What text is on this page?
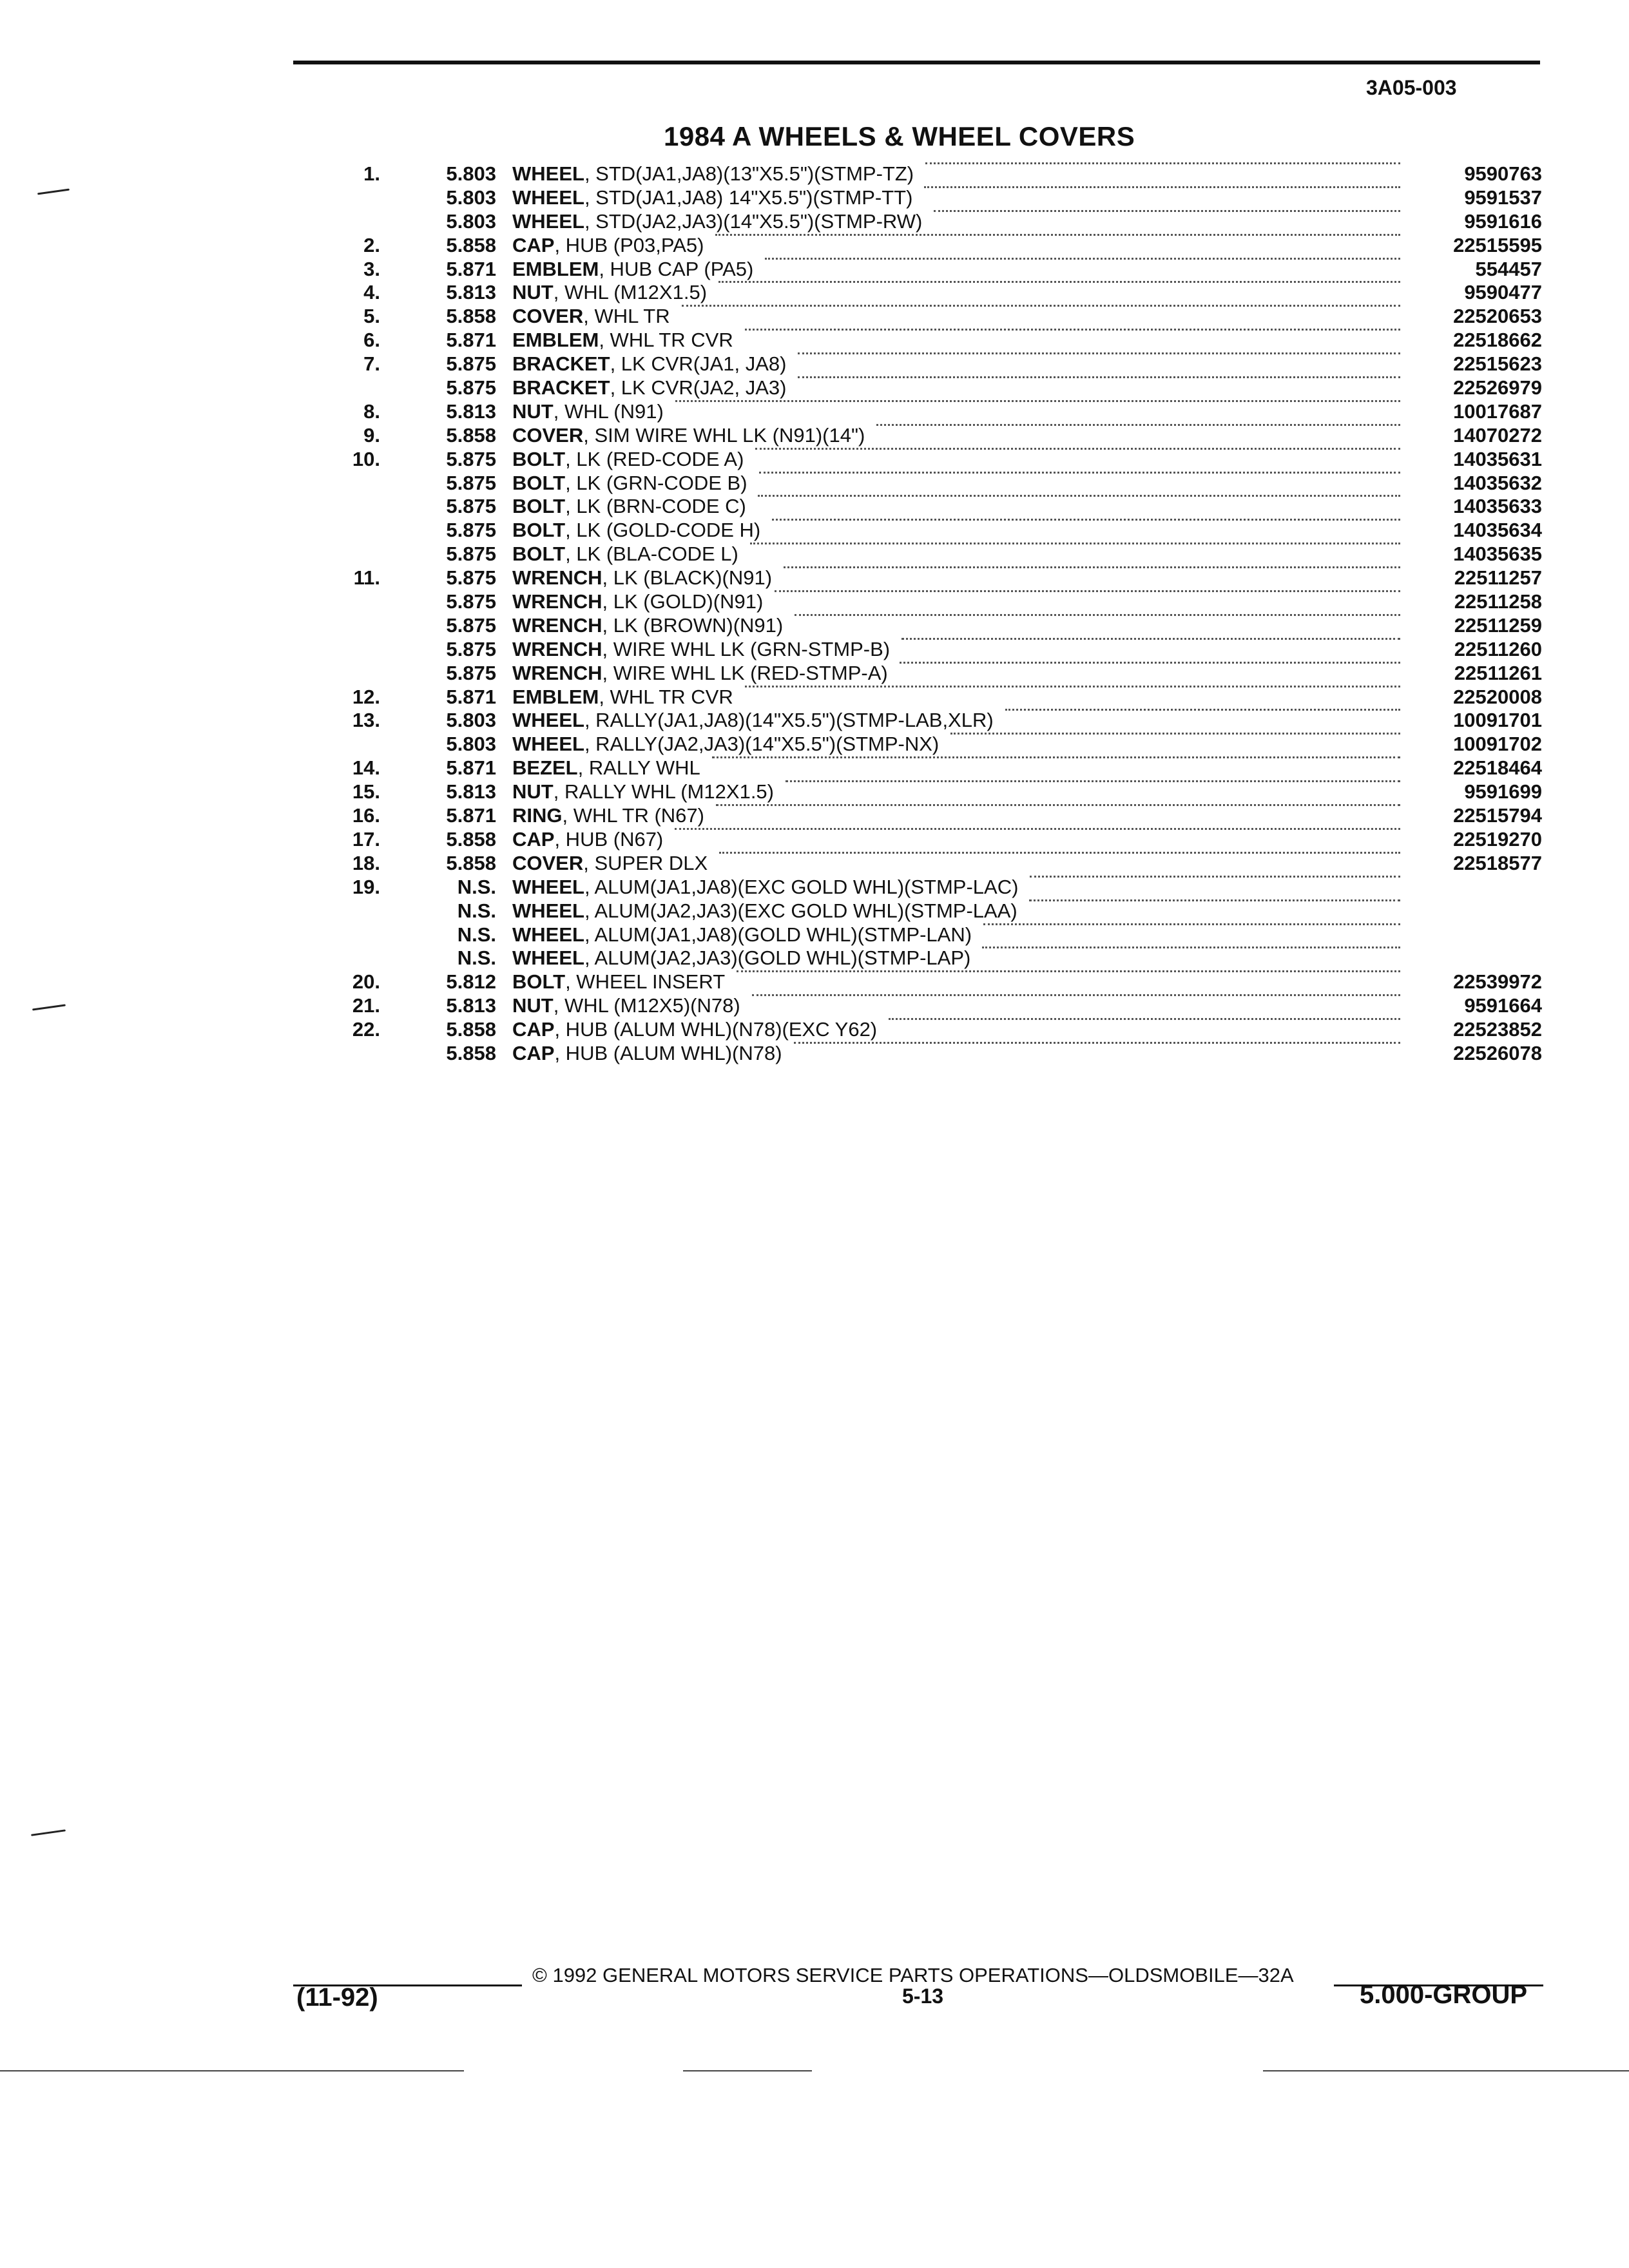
3A05-003
1984 A WHEELS & WHEEL COVERS
1.	5.803 WHEEL, STD(JA1,JA8)(13"X5.5")(STMP-TZ)	9590763
5.803 WHEEL, STD(JA1,JA8) 14"X5.5")(STMP-TT)	9591537
5.803 WHEEL, STD(JA2,JA3)(14"X5.5")(STMP-RW)	9591616
2.	5.858 CAP, HUB (P03,PA5)	22515595
3.	5.871 EMBLEM, HUB CAP (PA5)	554457
4.	5.813 NUT, WHL (M12X1.5)	9590477
5.	5.858 COVER, WHL TR	22520653
6.	5.871 EMBLEM, WHL TR CVR	22518662
7.	5.875 BRACKET, LK CVR(JA1, JA8)	22515623
5.875 BRACKET, LK CVR(JA2, JA3)	22526979
8.	5.813 NUT, WHL (N91)	10017687
9.	5.858 COVER, SIM WIRE WHL LK (N91)(14")	14070272
10.	5.875 BOLT, LK (RED-CODE A)	14035631
5.875 BOLT, LK (GRN-CODE B)	14035632
5.875 BOLT, LK (BRN-CODE C)	14035633
5.875 BOLT, LK (GOLD-CODE H)	14035634
5.875 BOLT, LK (BLA-CODE L)	14035635
11.	5.875 WRENCH, LK (BLACK)(N91)	22511257
5.875 WRENCH, LK (GOLD)(N91)	22511258
5.875 WRENCH, LK (BROWN)(N91)	22511259
5.875 WRENCH, WIRE WHL LK (GRN-STMP-B)	22511260
5.875 WRENCH, WIRE WHL LK (RED-STMP-A)	22511261
12.	5.871 EMBLEM, WHL TR CVR	22520008
13.	5.803 WHEEL, RALLY(JA1,JA8)(14"X5.5")(STMP-LAB,XLR)	10091701
5.803 WHEEL, RALLY(JA2,JA3)(14"X5.5")(STMP-NX)	10091702
14.	5.871 BEZEL, RALLY WHL	22518464
15.	5.813 NUT, RALLY WHL (M12X1.5)	9591699
16.	5.871 RING, WHL TR (N67)	22515794
17.	5.858 CAP, HUB (N67)	22519270
18.	5.858 COVER, SUPER DLX	22518577
19.	N.S. WHEEL, ALUM(JA1,JA8)(EXC GOLD WHL)(STMP-LAC)
N.S. WHEEL, ALUM(JA2,JA3)(EXC GOLD WHL)(STMP-LAA)
N.S. WHEEL, ALUM(JA1,JA8)(GOLD WHL)(STMP-LAN)
N.S. WHEEL, ALUM(JA2,JA3)(GOLD WHL)(STMP-LAP)
20.	5.812 BOLT, WHEEL INSERT	22539972
21.	5.813 NUT, WHL (M12X5)(N78)	9591664
22.	5.858 CAP, HUB (ALUM WHL)(N78)(EXC Y62)	22523852
5.858 CAP, HUB (ALUM WHL)(N78)	22526078
© 1992 GENERAL MOTORS SERVICE PARTS OPERATIONS—OLDSMOBILE—32A
(11-92)	5-13	5.000-GROUP
